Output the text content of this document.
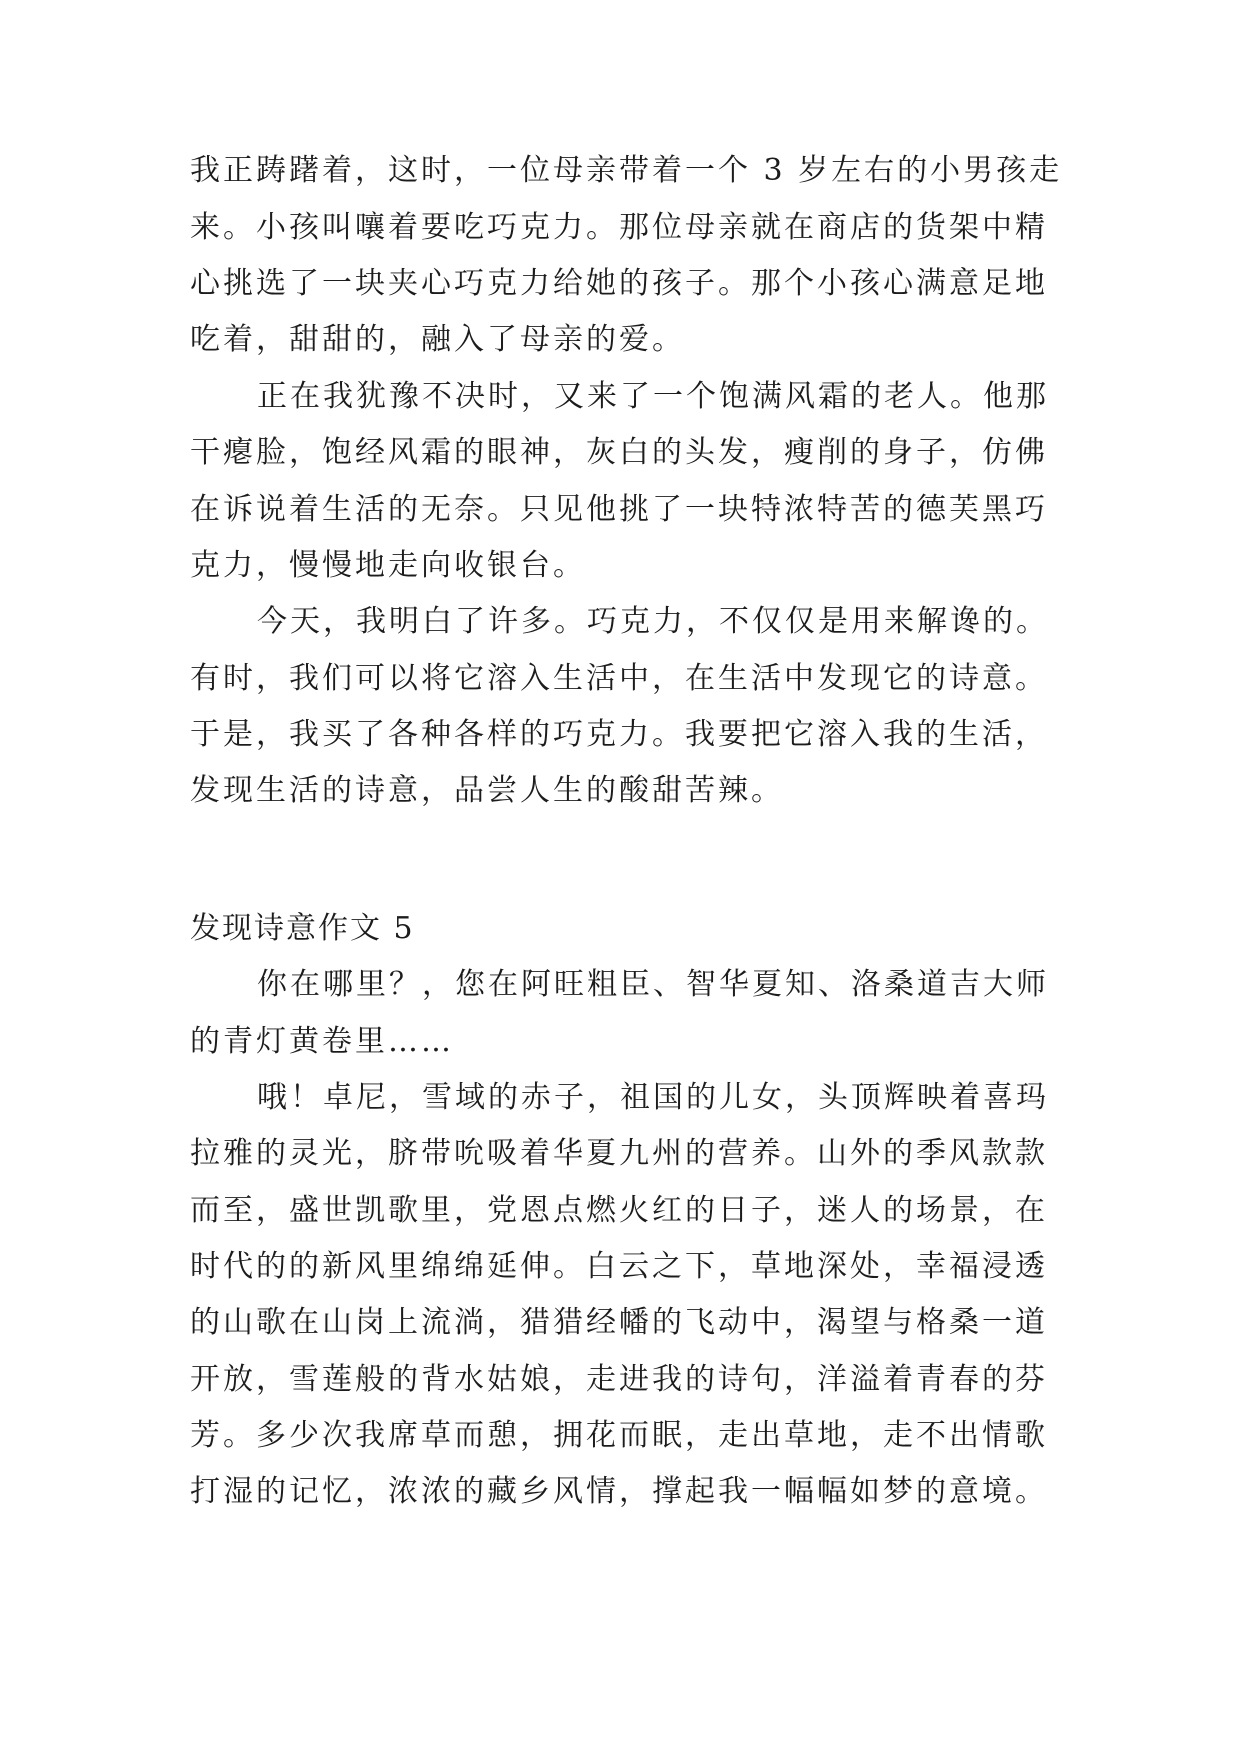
我正踌躇着，这时，一位母亲带着一个 3 岁左右的小男孩走
来。小孩叫嚷着要吃巧克力。那位母亲就在商店的货架中精
心挑选了一块夹心巧克力给她的孩子。那个小孩心满意足地
吃着，甜甜的，融入了母亲的爱。
正在我犹豫不决时，又来了一个饱满风霜的老人。他那
干瘪脸，饱经风霜的眼神，灰白的头发，瘦削的身子，仿佛
在诉说着生活的无奈。只见他挑了一块特浓特苦的德芙黑巧
克力，慢慢地走向收银台。
今天，我明白了许多。巧克力，不仅仅是用来解谗的。
有时，我们可以将它溶入生活中，在生活中发现它的诗意。
于是，我买了各种各样的巧克力。我要把它溶入我的生活，
发现生活的诗意，品尝人生的酸甜苦辣。
发现诗意作文 5
你在哪里？，您在阿旺粗臣、智华夏知、洛桑道吉大师
的青灯黄卷里……
哦！卓尼，雪域的赤子，祖国的儿女，头顶辉映着喜玛
拉雅的灵光，脐带吮吸着华夏九州的营养。山外的季风款款
而至，盛世凯歌里，党恩点燃火红的日子，迷人的场景，在
时代的的新风里绵绵延伸。白云之下，草地深处，幸福浸透
的山歌在山岗上流淌，猎猎经幡的飞动中，渴望与格桑一道
开放，雪莲般的背水姑娘，走进我的诗句，洋溢着青春的芬
芳。多少次我席草而憩，拥花而眠，走出草地，走不出情歌
打湿的记忆，浓浓的藏乡风情，撑起我一幅幅如梦的意境。
